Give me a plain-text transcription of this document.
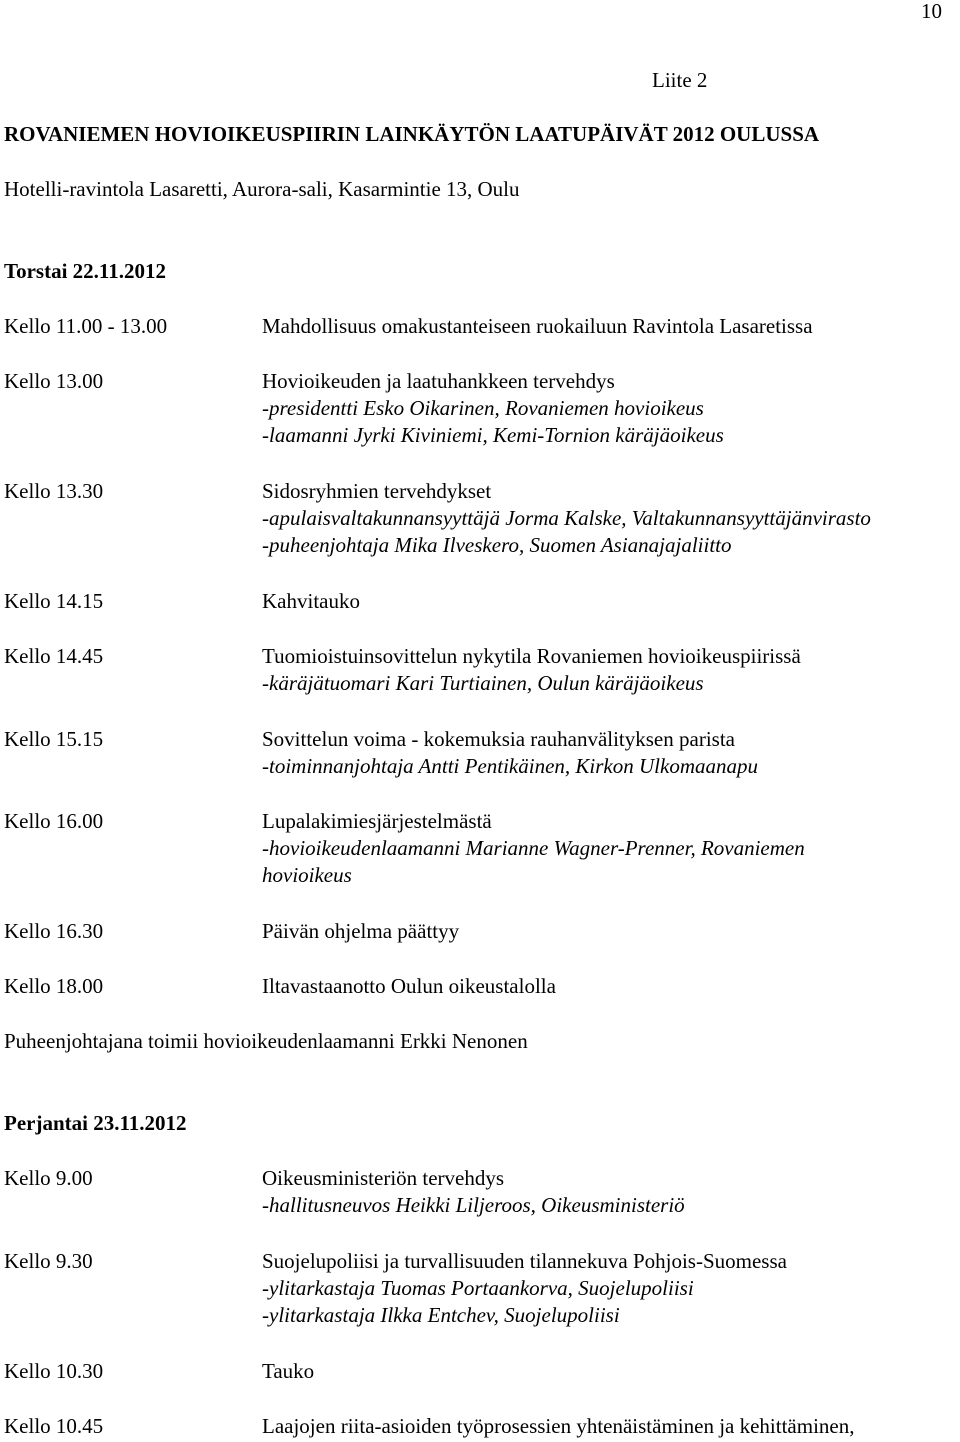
10
Liite 2
ROVANIEMEN HOVIOIKEUSPIIRIN LAINKÄYTÖN LAATUPÄIVÄT 2012 OULUSSA
Hotelli-ravintola Lasaretti, Aurora-sali, Kasarmintie 13, Oulu
Torstai 22.11.2012
Kello 11.00 - 13.00	Mahdollisuus omakustanteiseen ruokailuun Ravintola Lasaretissa
Kello 13.00	Hovioikeuden ja laatuhankkeen tervehdys
-presidentti Esko Oikarinen, Rovaniemen hovioikeus
-laamanni Jyrki Kiviniemi, Kemi-Tornion käräjäoikeus
Kello 13.30	Sidosryhmien tervehdykset
-apulaisvaltakunnansyyttäjä Jorma Kalske, Valtakunnansyyttäjänvirasto
-puheenjohtaja Mika Ilveskero, Suomen Asianajajaliitto
Kello 14.15	Kahvitauko
Kello 14.45	Tuomioistuinsovittelun nykytila Rovaniemen hovioikeuspiirissä
-käräjätuomari Kari Turtiainen, Oulun käräjäoikeus
Kello 15.15	Sovittelun voima - kokemuksia rauhanvälityksen parista
-toiminnanjohtaja Antti Pentikäinen, Kirkon Ulkomaanapu
Kello 16.00	Lupalakimiesjärjestelmästä
-hovioikeudenlaamanni Marianne Wagner-Prenner, Rovaniemen
hovioikeus
Kello 16.30	Päivän ohjelma päättyy
Kello 18.00	Iltavastaanotto Oulun oikeustalolla
Puheenjohtajana toimii hovioikeudenlaamanni Erkki Nenonen
Perjantai 23.11.2012
Kello 9.00	Oikeusministeriön tervehdys
-hallitusneuvos Heikki Liljeroos, Oikeusministeriö
Kello 9.30	Suojelupoliisi ja turvallisuuden tilannekuva Pohjois-Suomessa
-ylitarkastaja Tuomas Portaankorva, Suojelupoliisi
-ylitarkastaja Ilkka Entchev, Suojelupoliisi
Kello 10.30	Tauko
Kello 10.45	Laajojen riita-asioiden työprosessien yhtenäistäminen ja kehittäminen,
